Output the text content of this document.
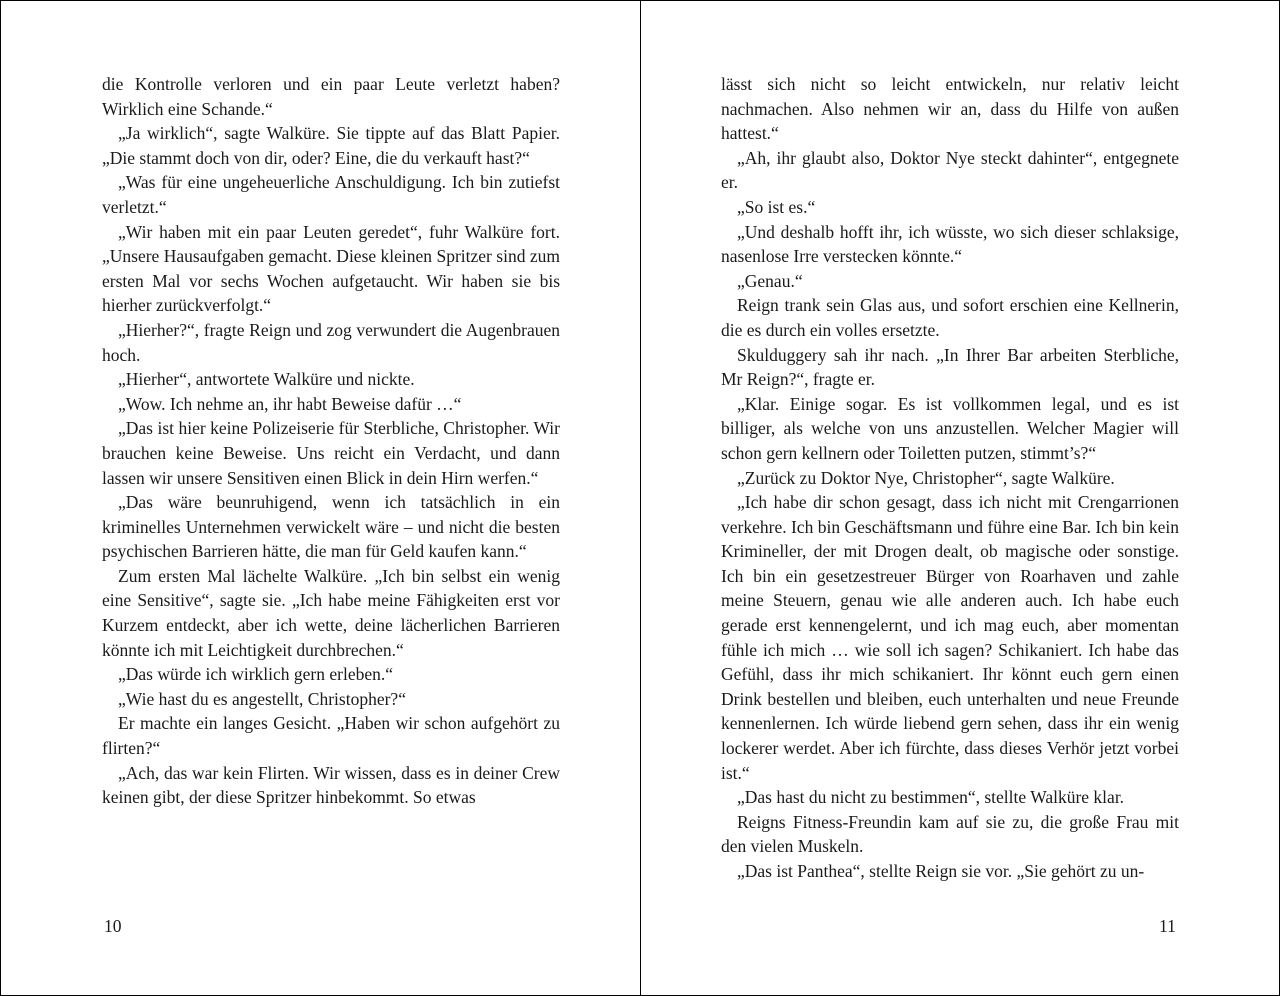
die Kontrolle verloren und ein paar Leute verletzt haben? Wirklich eine Schande.“

„Ja wirklich“, sagte Walküre. Sie tippte auf das Blatt Papier. „Die stammt doch von dir, oder? Eine, die du verkauft hast?“

„Was für eine ungeheuerliche Anschuldigung. Ich bin zutiefst verletzt.“

„Wir haben mit ein paar Leuten geredet“, fuhr Walküre fort. „Unsere Hausaufgaben gemacht. Diese kleinen Spritzer sind zum ersten Mal vor sechs Wochen aufgetaucht. Wir haben sie bis hierher zurückverfolgt.“

„Hierher?“, fragte Reign und zog verwundert die Augenbrauen hoch.

„Hierher“, antwortete Walküre und nickte.

„Wow. Ich nehme an, ihr habt Beweise dafür …“

„Das ist hier keine Polizeiserie für Sterbliche, Christopher. Wir brauchen keine Beweise. Uns reicht ein Verdacht, und dann lassen wir unsere Sensitiven einen Blick in dein Hirn werfen.“

„Das wäre beunruhigend, wenn ich tatsächlich in ein kriminelles Unternehmen verwickelt wäre – und nicht die besten psychischen Barrieren hätte, die man für Geld kaufen kann.“

Zum ersten Mal lächelte Walküre. „Ich bin selbst ein wenig eine Sensitive“, sagte sie. „Ich habe meine Fähigkeiten erst vor Kurzem entdeckt, aber ich wette, deine lächerlichen Barrieren könnte ich mit Leichtigkeit durchbrechen.“

„Das würde ich wirklich gern erleben.“

„Wie hast du es angestellt, Christopher?“

Er machte ein langes Gesicht. „Haben wir schon aufgehört zu flirten?“

„Ach, das war kein Flirten. Wir wissen, dass es in deiner Crew keinen gibt, der diese Spritzer hinbekommt. So etwas

10

lässt sich nicht so leicht entwickeln, nur relativ leicht nachmachen. Also nehmen wir an, dass du Hilfe von außen hattest.“

„Ah, ihr glaubt also, Doktor Nye steckt dahinter“, entgegnete er.

„So ist es.“

„Und deshalb hofft ihr, ich wüsste, wo sich dieser schlaksige, nasenlose Irre verstecken könnte.“

„Genau.“

Reign trank sein Glas aus, und sofort erschien eine Kellnerin, die es durch ein volles ersetzte.

Skulduggery sah ihr nach. „In Ihrer Bar arbeiten Sterbliche, Mr Reign?“, fragte er.

„Klar. Einige sogar. Es ist vollkommen legal, und es ist billiger, als welche von uns anzustellen. Welcher Magier will schon gern kellnern oder Toiletten putzen, stimmt’s?“

„Zurück zu Doktor Nye, Christopher“, sagte Walküre.

„Ich habe dir schon gesagt, dass ich nicht mit Crengarrionen verkehre. Ich bin Geschäftsmann und führe eine Bar. Ich bin kein Krimineller, der mit Drogen dealt, ob magische oder sonstige. Ich bin ein gesetzestreuer Bürger von Roarhaven und zahle meine Steuern, genau wie alle anderen auch. Ich habe euch gerade erst kennengelernt, und ich mag euch, aber momentan fühle ich mich … wie soll ich sagen? Schikaniert. Ich habe das Gefühl, dass ihr mich schikaniert. Ihr könnt euch gern einen Drink bestellen und bleiben, euch unterhalten und neue Freunde kennenlernen. Ich würde liebend gern sehen, dass ihr ein wenig lockerer werdet. Aber ich fürchte, dass dieses Verhör jetzt vorbei ist.“

„Das hast du nicht zu bestimmen“, stellte Walküre klar.

Reigns Fitness-Freundin kam auf sie zu, die große Frau mit den vielen Muskeln.

„Das ist Panthea“, stellte Reign sie vor. „Sie gehört zu un-

11
